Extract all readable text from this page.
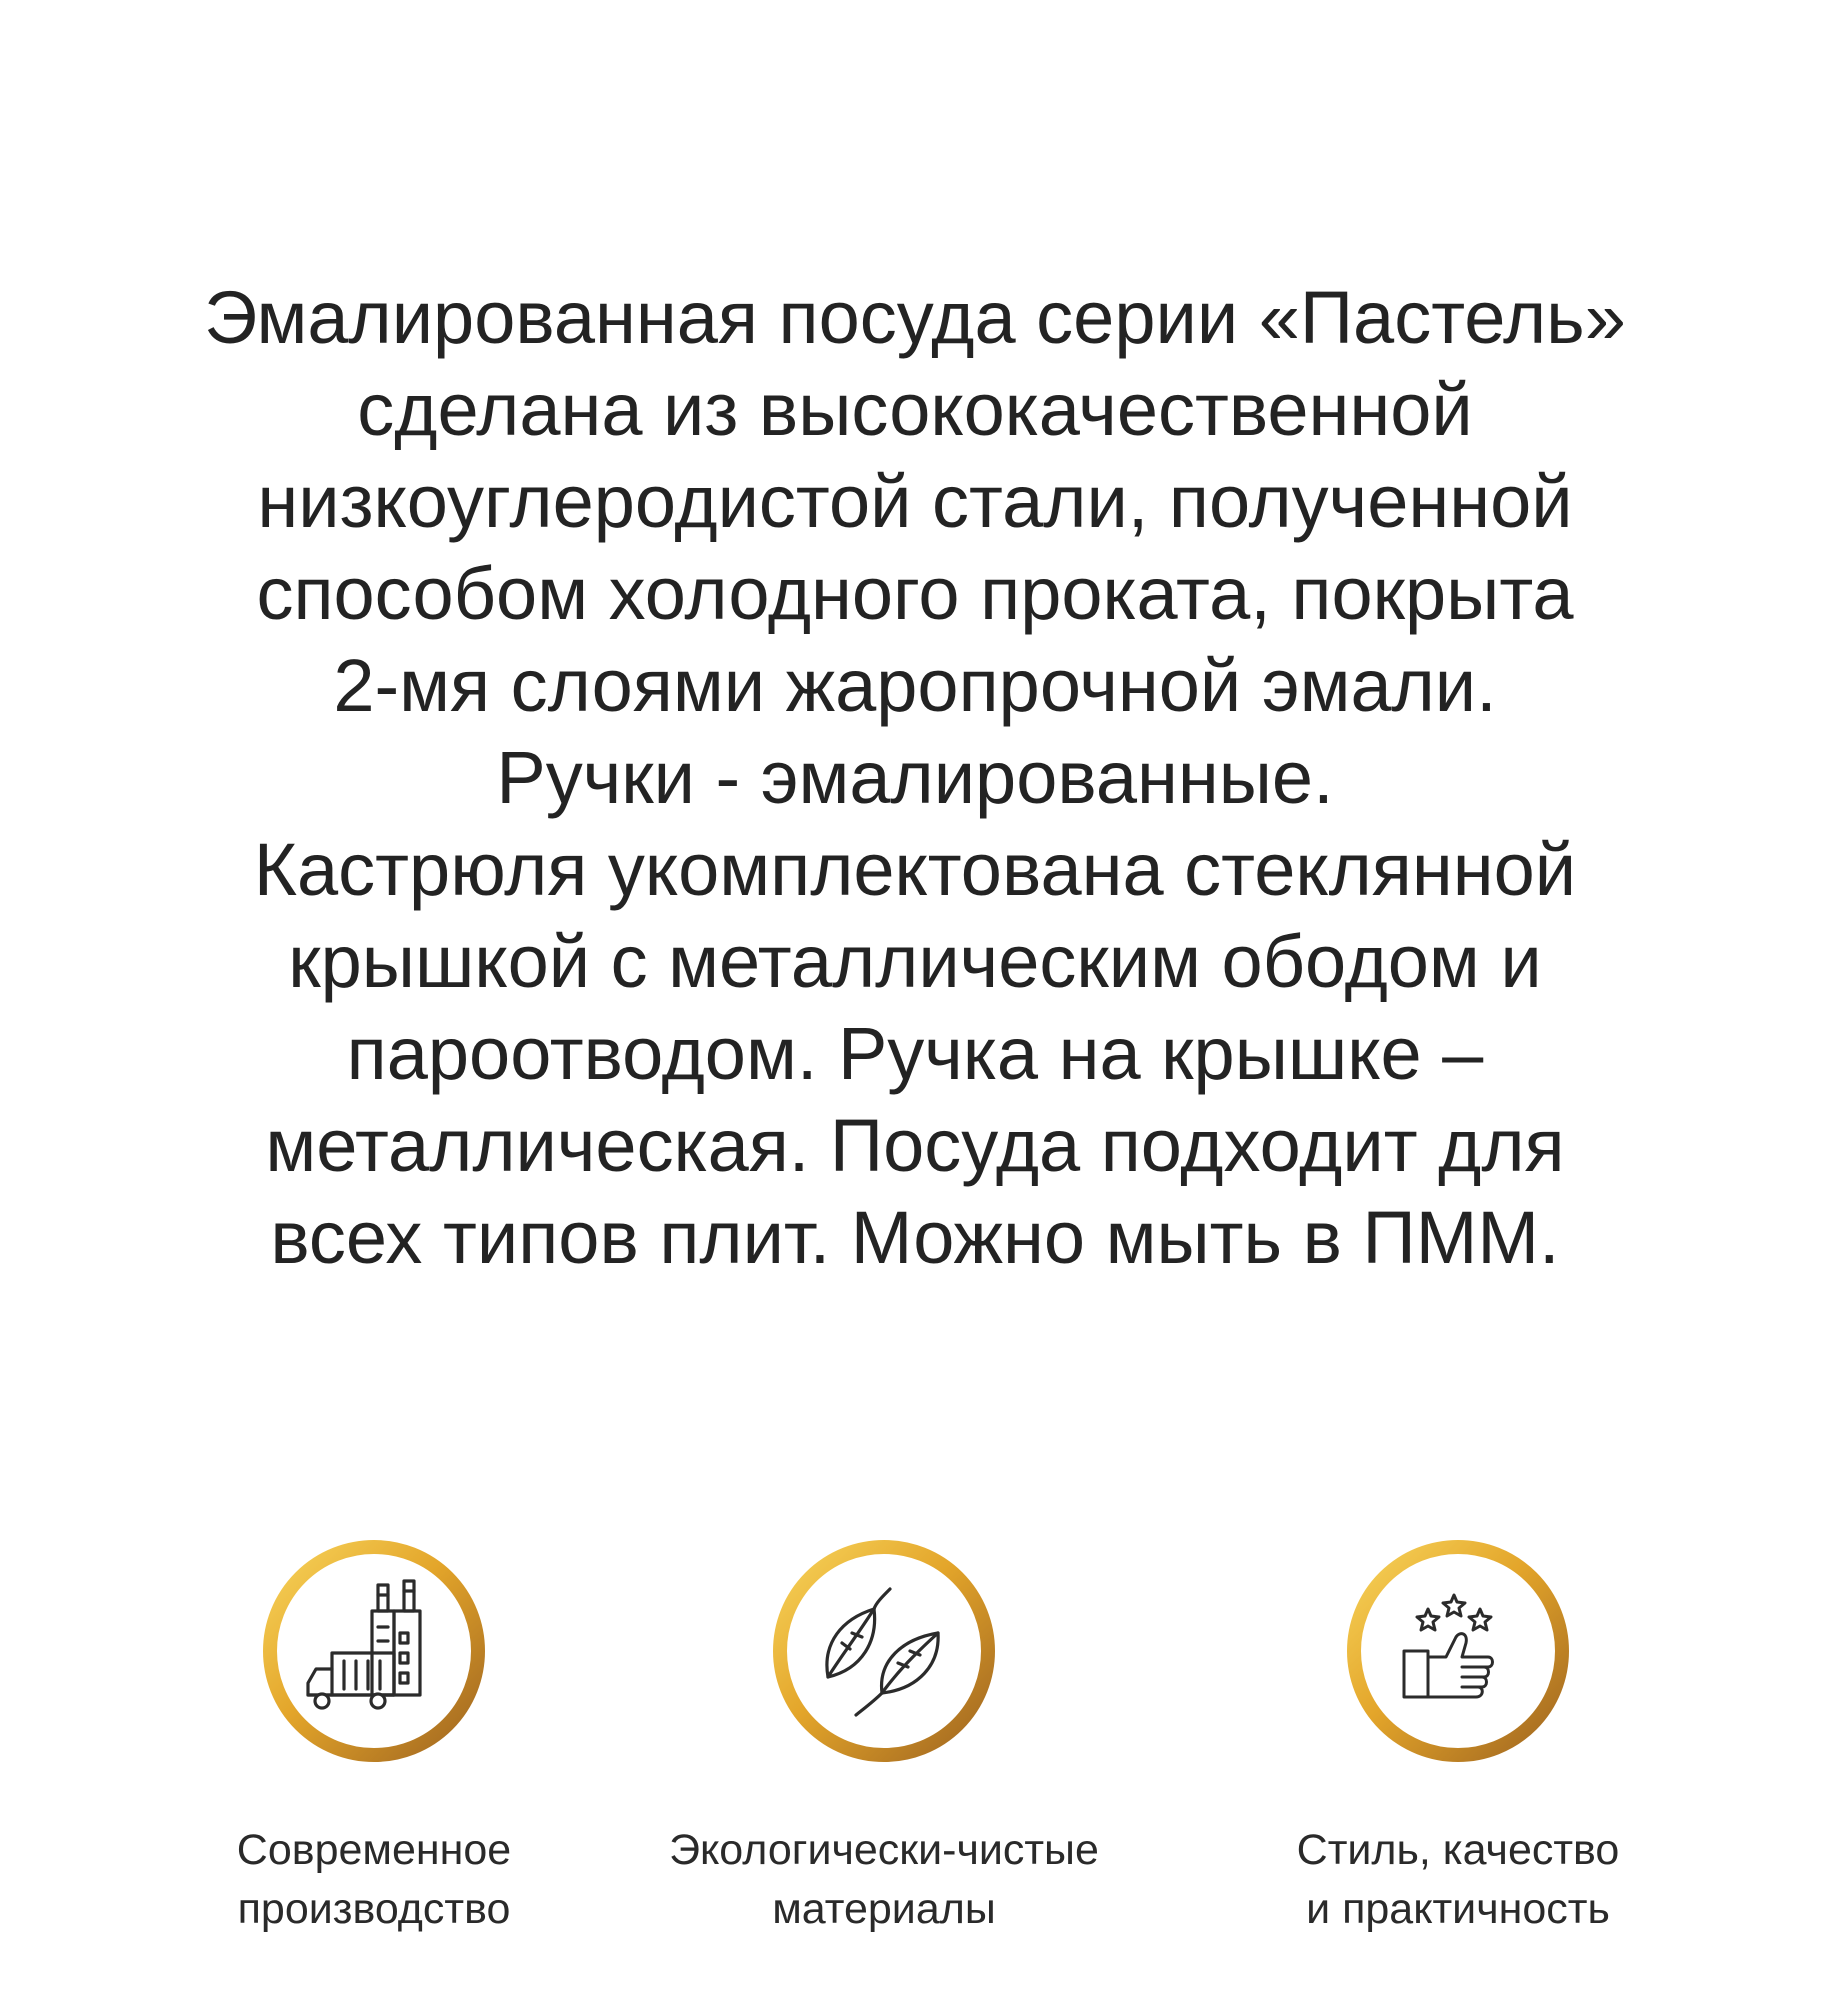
Эмалированная посуда серии «Пастель»
сделана из высококачественной
низкоуглеродистой стали, полученной
способом холодного проката, покрыта
2-мя слоями жаропрочной эмали.
Ручки - эмалированные.
Кастрюля укомплектована стеклянной
крышкой с металлическим ободом и
пароотводом. Ручка на крышке –
металлическая. Посуда подходит для
всех типов плит. Можно мыть в ПММ.
Современное
производство
Экологически-чистые
материалы
Стиль, качество
и практичность
